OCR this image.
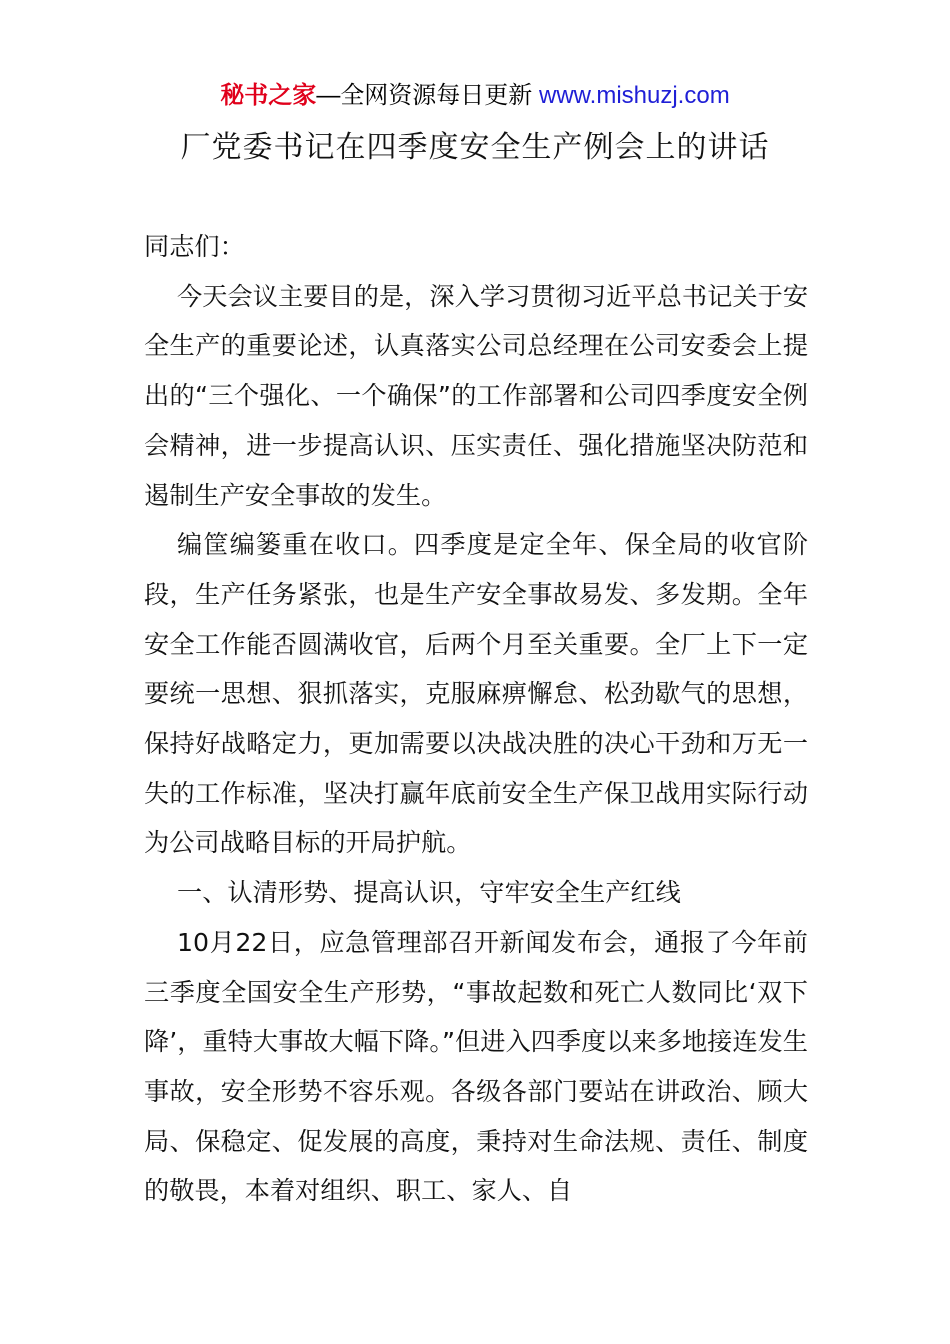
秘书之家—全网资源每日更新 www.mishuzj.com
厂党委书记在四季度安全生产例会上的讲话

同志们：

今天会议主要目的是，深入学习贯彻习近平总书记关于安全生产的重要论述，认真落实公司总经理在公司安委会上提出的“三个强化、一个确保”的工作部署和公司四季度安全例会精神，进一步提高认识、压实责任、强化措施坚决防范和遏制生产安全事故的发生。

编筐编篓重在收口。四季度是定全年、保全局的收官阶段，生产任务紧张，也是生产安全事故易发、多发期。全年安全工作能否圆满收官，后两个月至关重要。全厂上下一定要统一思想、狠抓落实，克服麻痹懈怠、松劲歇气的思想，保持好战略定力，更加需要以决战决胜的决心干劲和万无一失的工作标准，坚决打赢年底前安全生产保卫战用实际行动为公司战略目标的开局护航。

一、认清形势、提高认识，守牢安全生产红线

10月22日，应急管理部召开新闻发布会，通报了今年前三季度全国安全生产形势，“事故起数和死亡人数同比‘双下降’，重特大事故大幅下降。”但进入四季度以来多地接连发生事故，安全形势不容乐观。各级各部门要站在讲政治、顾大局、保稳定、促发展的高度，秉持对生命法规、责任、制度的敬畏，本着对组织、职工、家人、自
